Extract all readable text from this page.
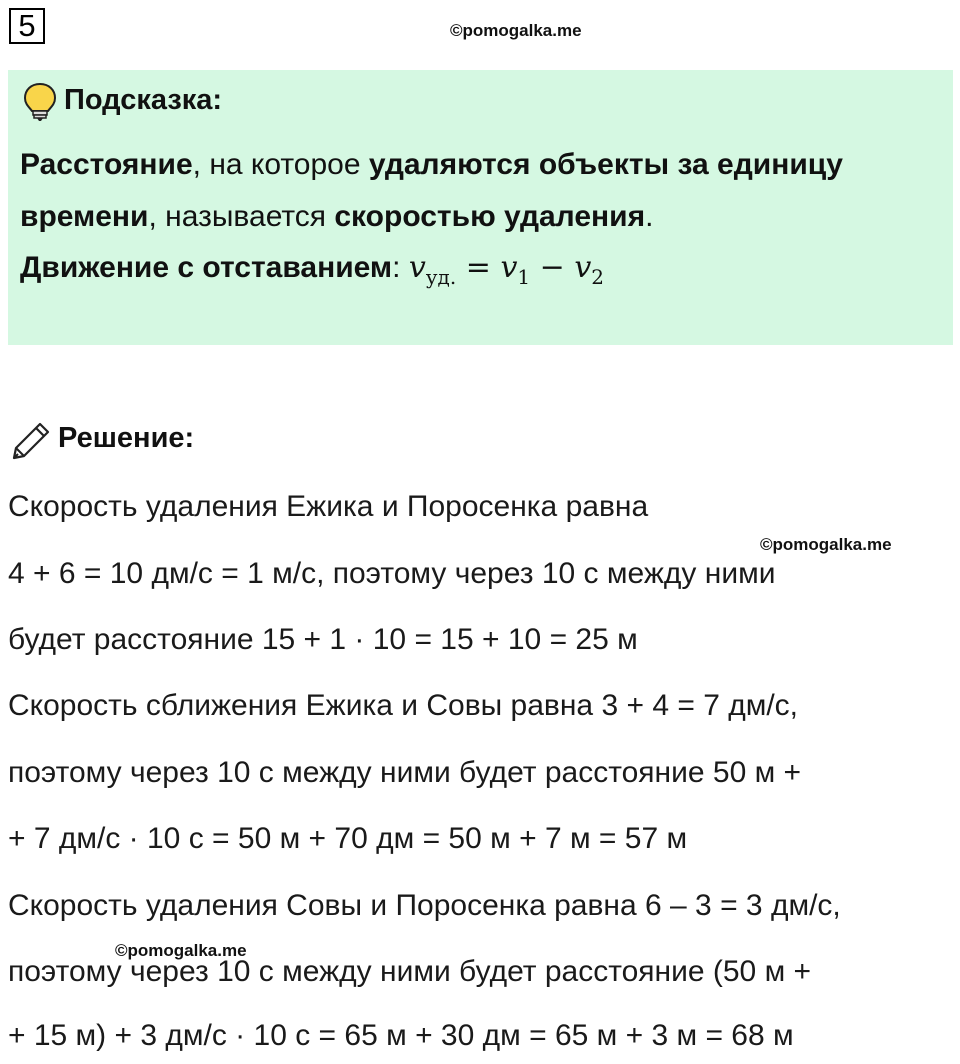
5	©pomogalka.me
Подсказка:
Расстояние, на которое удаляются объекты за единицу
времени, называется скоростью удаления.
Движение с отставанием: $v_{уд.} = v_1 - v_2$
Решение:
Скорость удаления Ежика и Поросенка равна
©pomogalka.me
4 + 6 = 10 дм/с = 1 м/с, поэтому через 10 с между ними
будет расстояние 15 + 1 · 10 = 15 + 10 = 25 м
Скорость сближения Ежика и Совы равна 3 + 4 = 7 дм/с,
поэтому через 10 с между ними будет расстояние 50 м +
+ 7 дм/с · 10 с = 50 м + 70 дм = 50 м + 7 м = 57 м
Скорость удаления Совы и Поросенка равна 6 – 3 = 3 дм/с,
©pomogalka.me
поэтому через 10 с между ними будет расстояние (50 м +
+ 15 м) + 3 дм/с · 10 с = 65 м + 30 дм = 65 м + 3 м = 68 м
